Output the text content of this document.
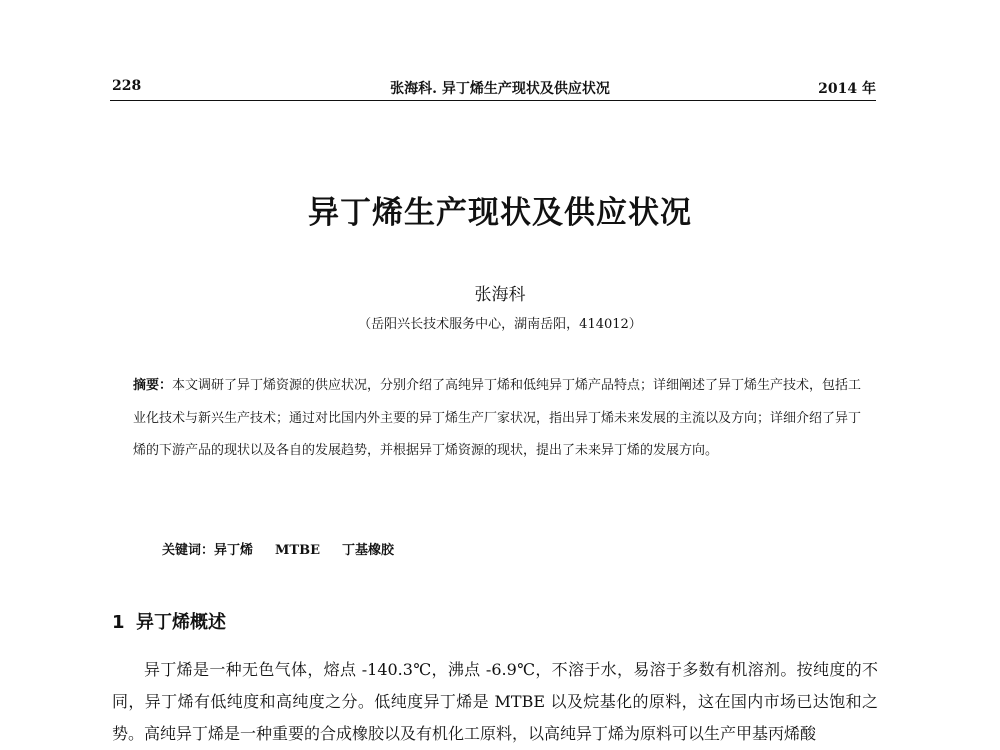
228	张海科. 异丁烯生产现状及供应状况	2014 年
异丁烯生产现状及供应状况
张海科
（岳阳兴长技术服务中心，湖南岳阳，414012）
摘要：本文调研了异丁烯资源的供应状况，分别介绍了高纯异丁烯和低纯异丁烯产品特点；详细阐述了异丁烯生产技术，包括工业化技术与新兴生产技术；通过对比国内外主要的异丁烯生产厂家状况，指出异丁烯未来发展的主流以及方向；详细介绍了异丁烯的下游产品的现状以及各自的发展趋势，并根据异丁烯资源的现状，提出了未来异丁烯的发展方向。
关键词：异丁烯 MTBE 丁基橡胶
1 异丁烯概述
异丁烯是一种无色气体，熔点 -140.3℃，沸点 -6.9℃，不溶于水，易溶于多数有机溶剂。按纯度的不同，异丁烯有低纯度和高纯度之分。低纯度异丁烯是 MTBE 以及烷基化的原料，这在国内市场已达饱和之势。高纯异丁烯是一种重要的合成橡胶以及有机化工原料，以高纯异丁烯为原料可以生产甲基丙烯酸
